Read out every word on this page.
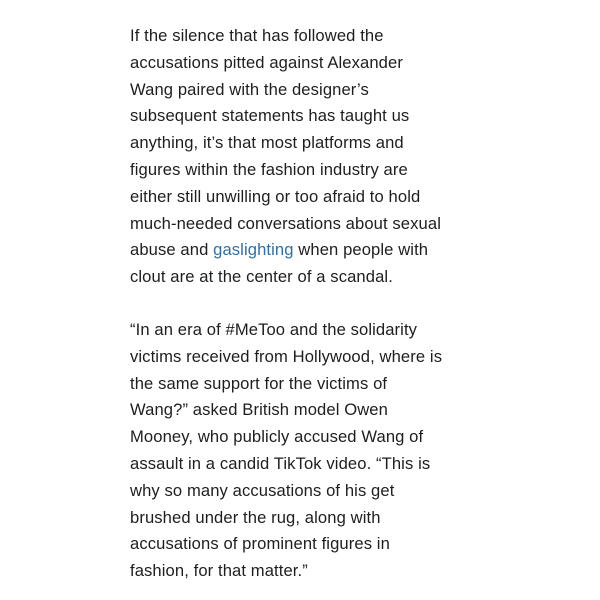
If the silence that has followed the
accusations pitted against Alexander
Wang paired with the designer’s
subsequent statements has taught us
anything, it’s that most platforms and
figures within the fashion industry are
either still unwilling or too afraid to hold
much-needed conversations about sexual
abuse and gaslighting when people with
clout are at the center of a scandal.

“In an era of #MeToo and the solidarity
victims received from Hollywood, where is
the same support for the victims of
Wang?” asked British model Owen
Mooney, who publicly accused Wang of
assault in a candid TikTok video. “This is
why so many accusations of his get
brushed under the rug, along with
accusations of prominent figures in
fashion, for that matter.”
